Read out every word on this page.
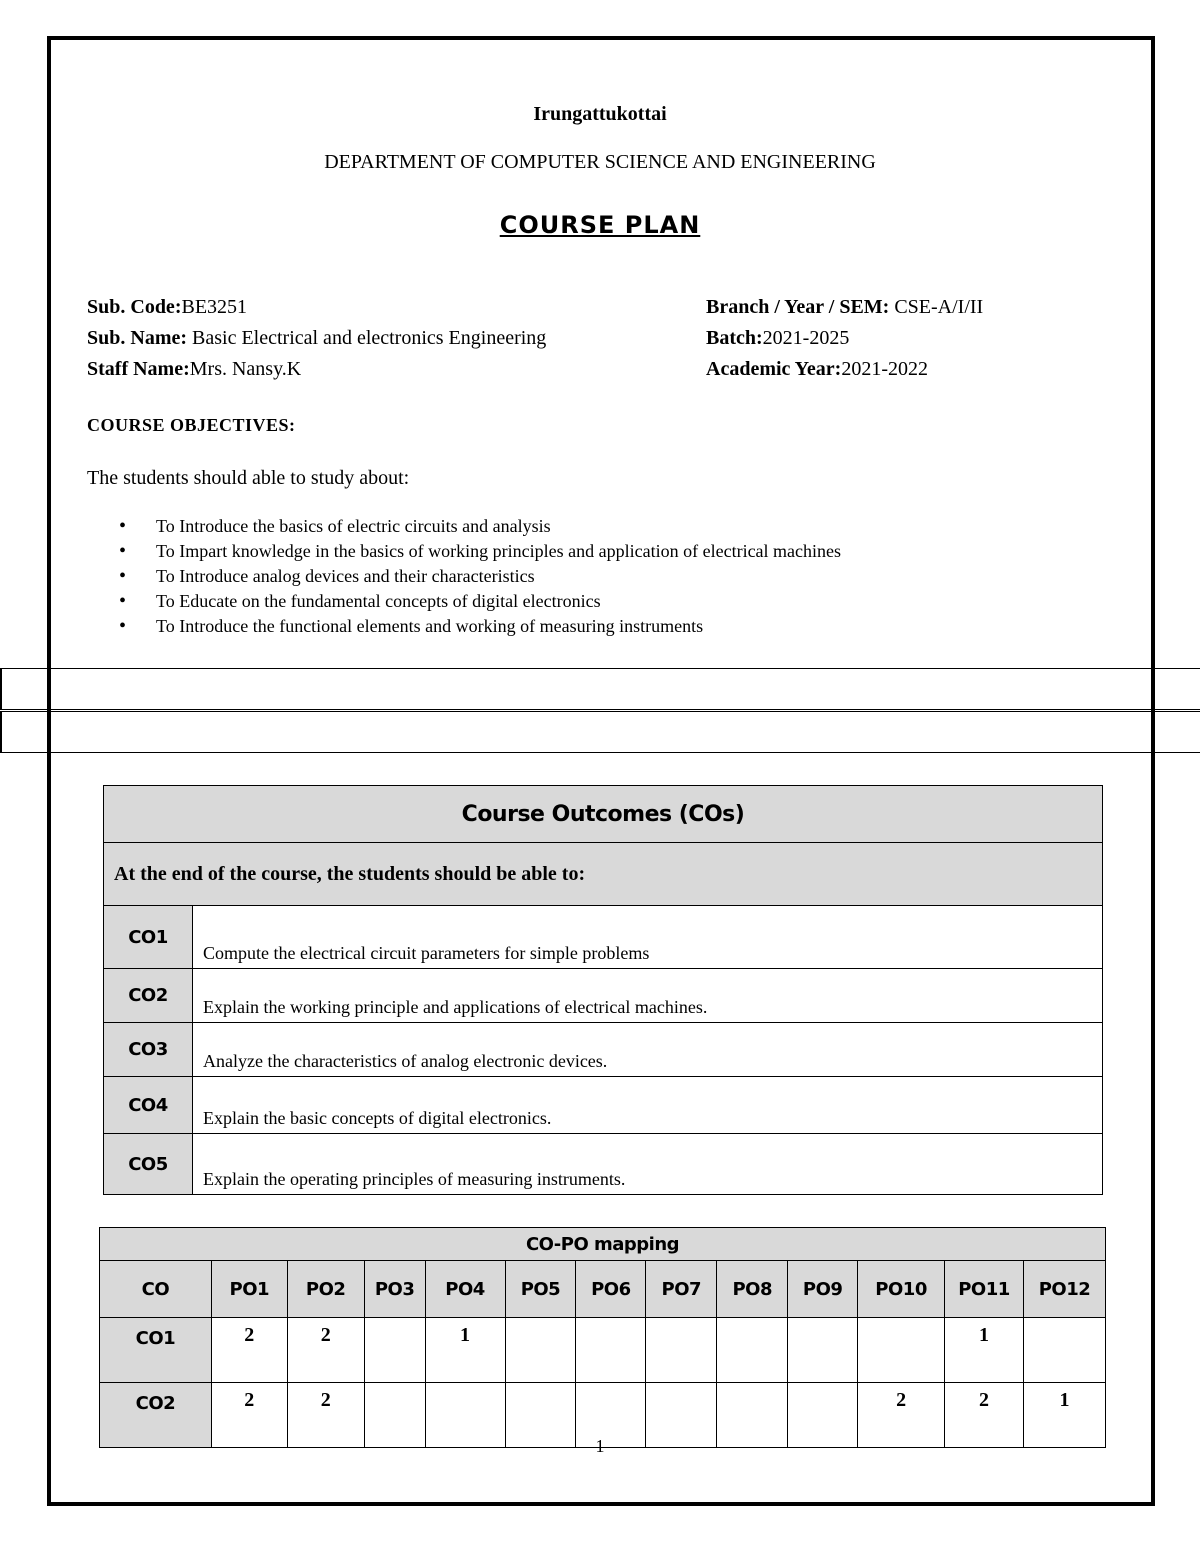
Irungattukottai
DEPARTMENT OF COMPUTER SCIENCE AND ENGINEERING
COURSE PLAN
Sub. Code:BE3251
Sub. Name: Basic Electrical and electronics Engineering
Staff Name:Mrs. Nansy.K
Branch / Year / SEM: CSE-A/I/II
Batch:2021-2025
Academic Year:2021-2022
COURSE OBJECTIVES:
The students should able to study about:
• To Introduce the basics of electric circuits and analysis
• To Impart knowledge in the basics of working principles and application of electrical machines
• To Introduce analog devices and their characteristics
• To Educate on the fundamental concepts of digital electronics
• To Introduce the functional elements and working of measuring instruments
Course Outcomes (COs)	
At the end of the course, the students should be able to:	
CO1	Compute the electrical circuit parameters for simple problems
CO2	Explain the working principle and applications of electrical machines.
CO3	Analyze the characteristics of analog electronic devices.
CO4	Explain the basic concepts of digital electronics.
CO5	Explain the operating principles of measuring instruments.
CO-PO mapping												
CO	PO1	PO2	PO3	PO4	PO5	PO6	PO7	PO8	PO9	PO10	PO11	PO12
CO1	2	2		1							1	
CO2	2	2								2	2	1
1
